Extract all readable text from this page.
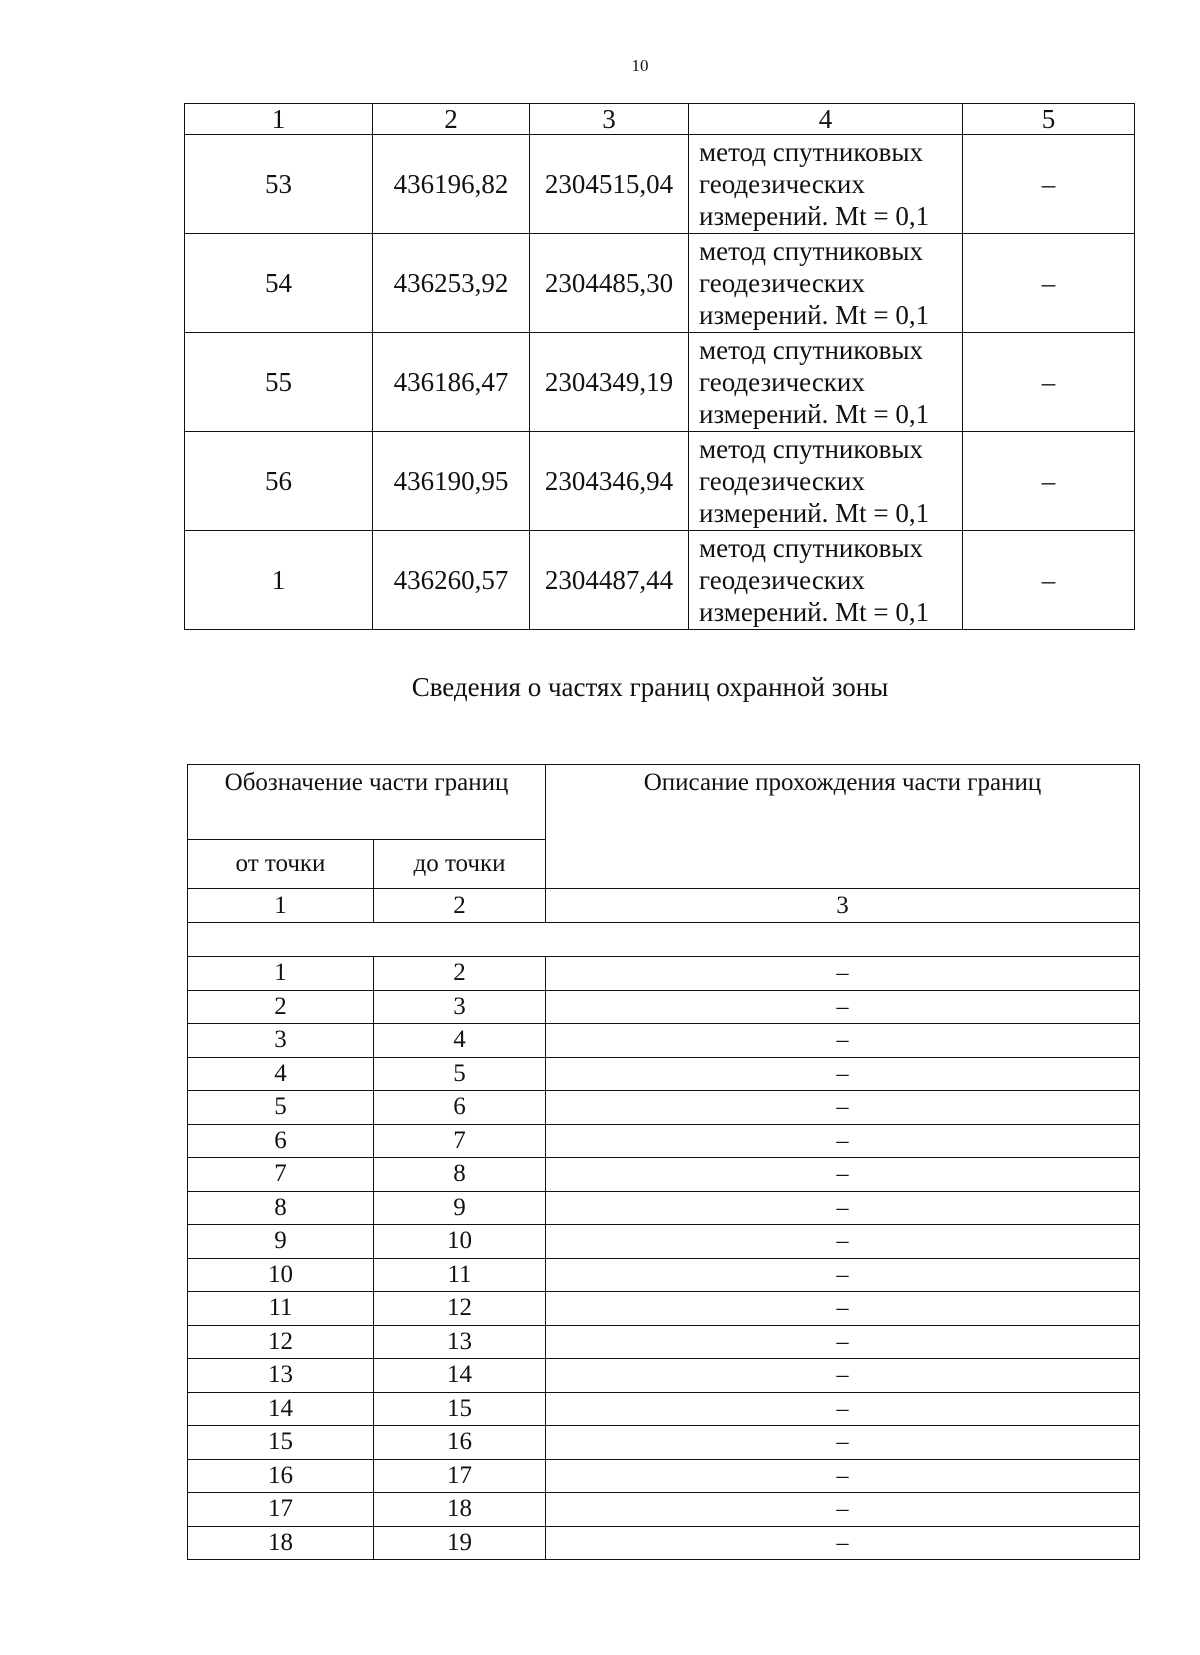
10
1	2	3	4	5
53	436196,82	2304515,04	метод спутниковых
геодезических
измерений. Mt = 0,1	–
54	436253,92	2304485,30	метод спутниковых
геодезических
измерений. Mt = 0,1	–
55	436186,47	2304349,19	метод спутниковых
геодезических
измерений. Mt = 0,1	–
56	436190,95	2304346,94	метод спутниковых
геодезических
измерений. Mt = 0,1	–
1	436260,57	2304487,44	метод спутниковых
геодезических
измерений. Mt = 0,1	–
Сведения о частях границ охранной зоны
Обозначение части границ		Описание прохождения части границ
от точки	до точки	
1	2	3

1	2	–
2	3	–
3	4	–
4	5	–
5	6	–
6	7	–
7	8	–
8	9	–
9	10	–
10	11	–
11	12	–
12	13	–
13	14	–
14	15	–
15	16	–
16	17	–
17	18	–
18	19	–
